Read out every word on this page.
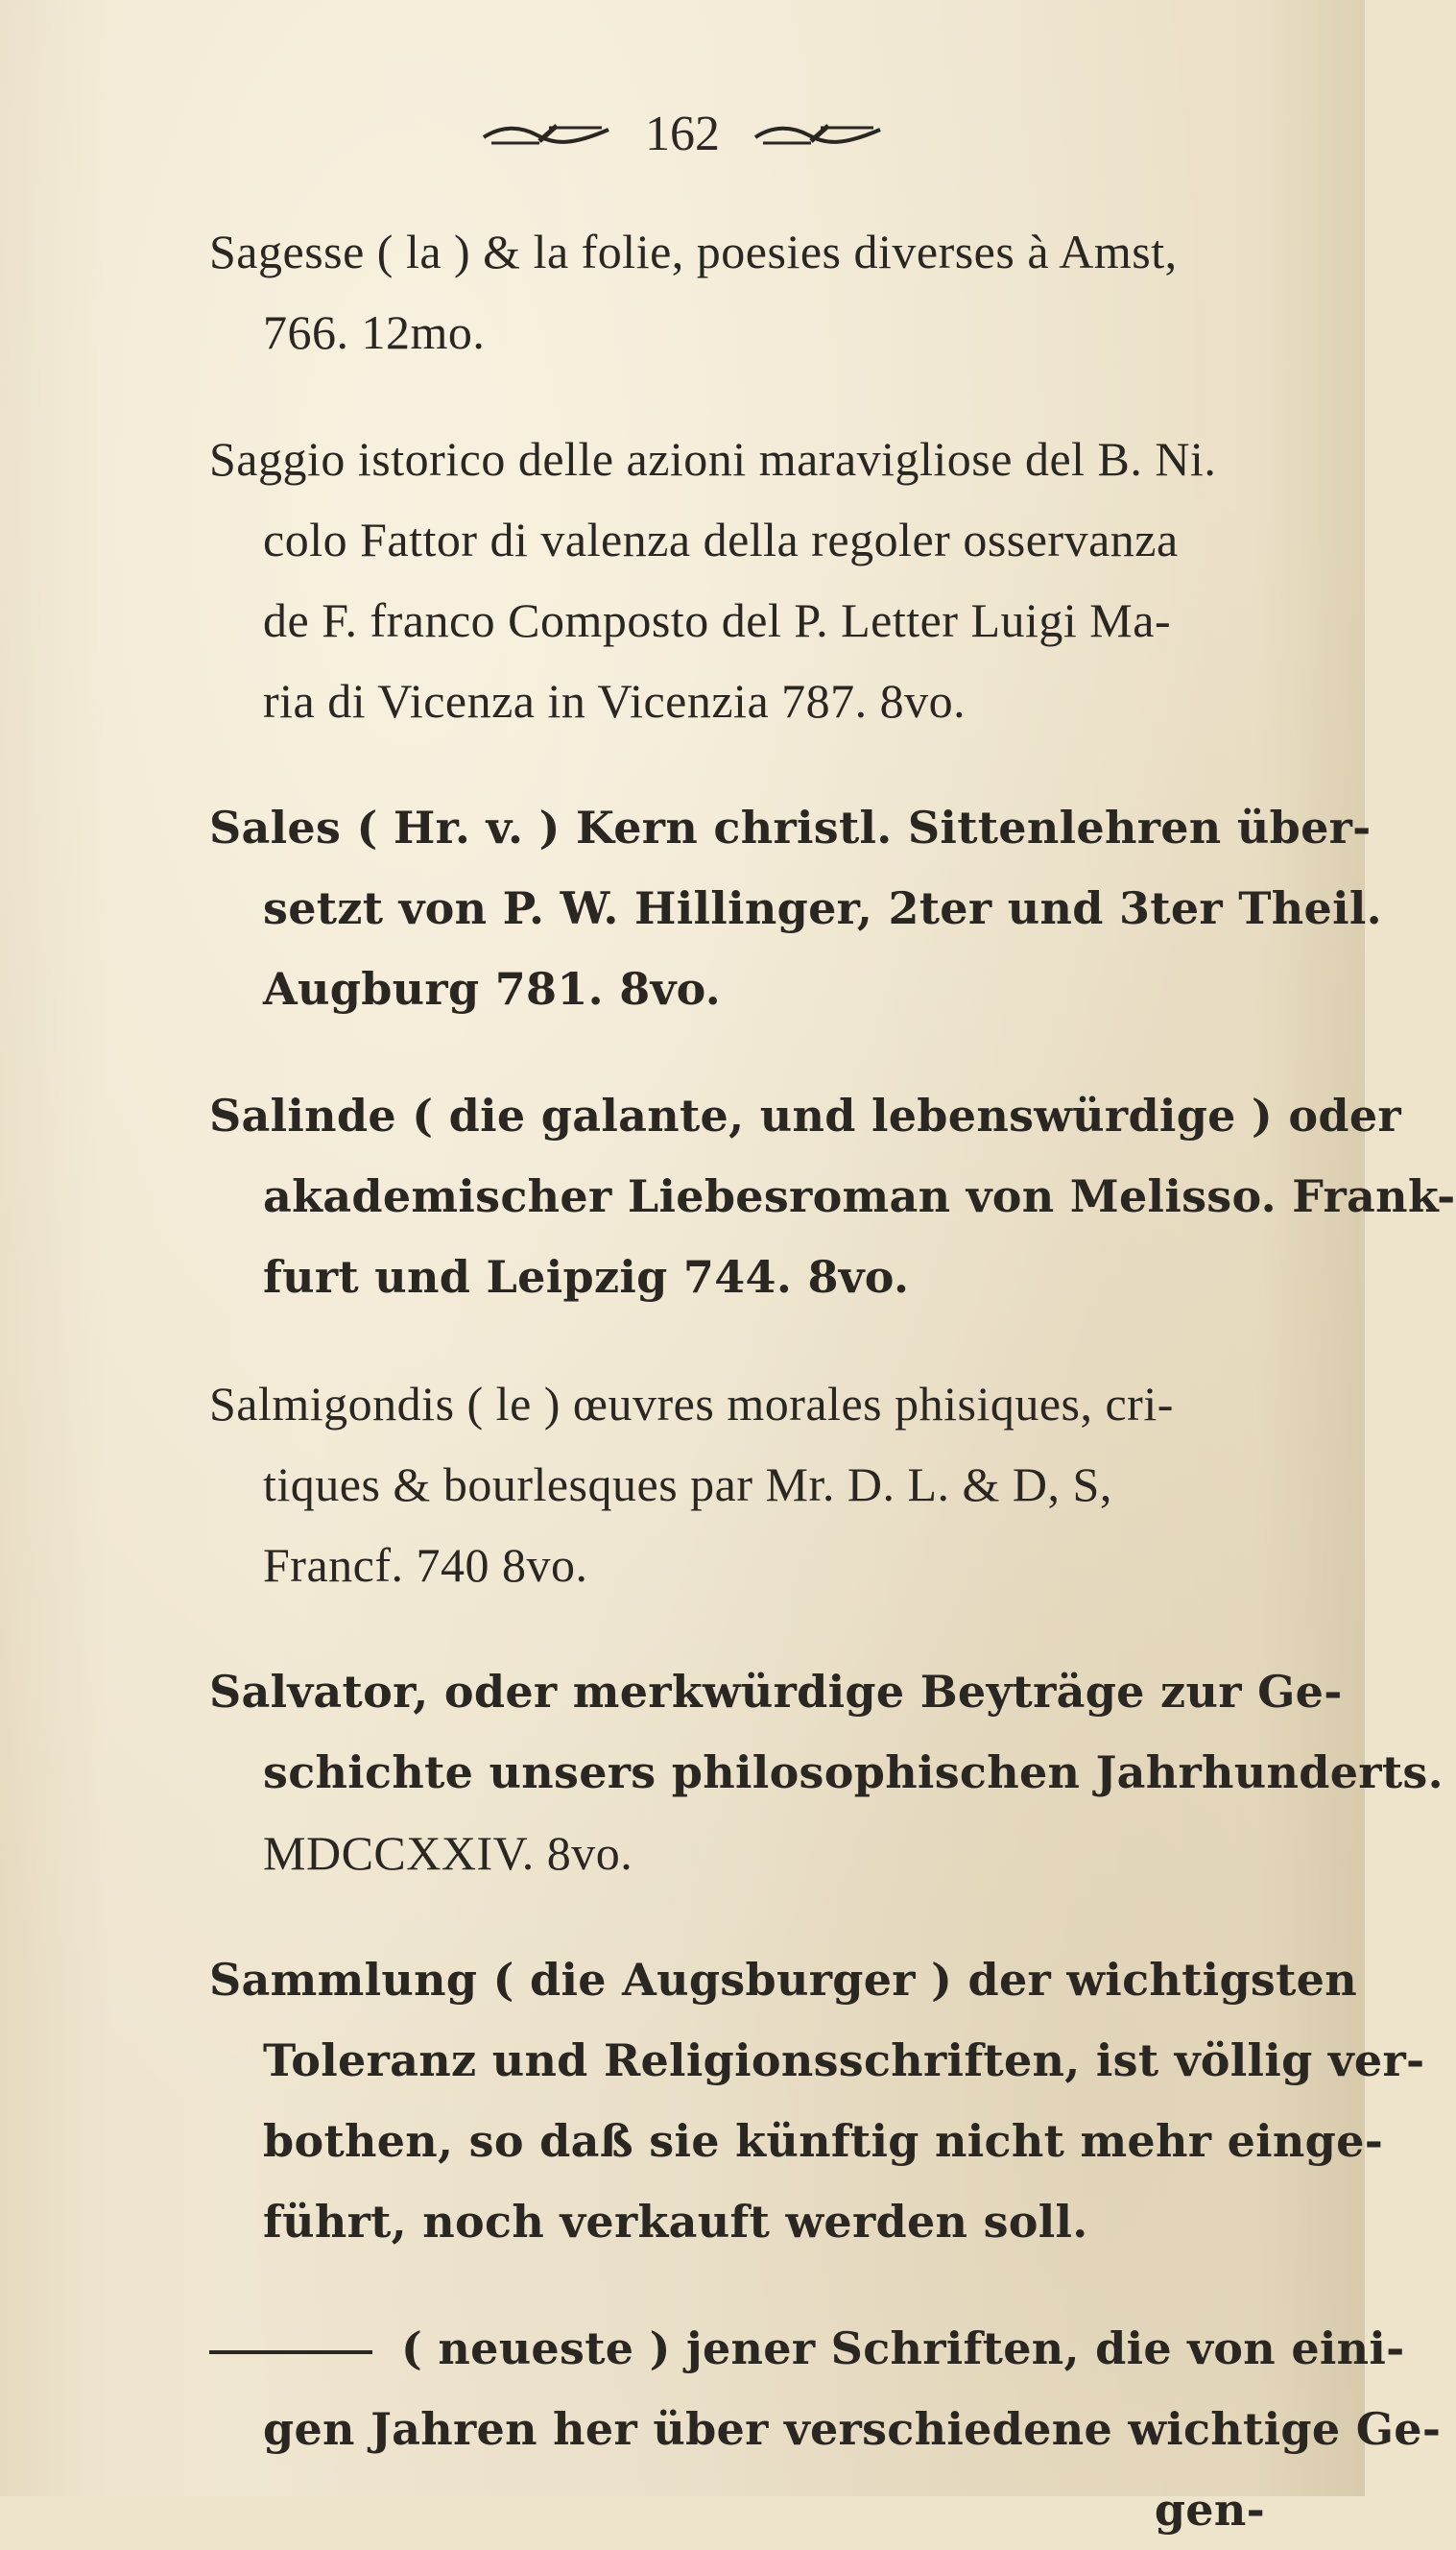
162
Sagesse ( la ) & la folie, poesies diverses à Amst,
766. 12mo.
Saggio istorico delle azioni maravigliose del B. Ni.
colo Fattor di valenza della regoler osservanza
de F. franco Composto del P. Letter Luigi Ma-
ria di Vicenza in Vicenzia 787. 8vo.
Sales ( Hr. v. ) Kern christl. Sittenlehren über-
setzt von P. W. Hillinger, 2ter und 3ter Theil.
Augburg 781. 8vo.
Salinde ( die galante, und lebenswürdige ) oder
akademischer Liebesroman von Melisso. Frank-
furt und Leipzig 744. 8vo.
Salmigondis ( le ) œuvres morales phisiques, cri-
tiques & bourlesques par Mr. D. L. & D, S,
Francf. 740 8vo.
Salvator, oder merkwürdige Beyträge zur Ge-
schichte unsers philosophischen Jahrhunderts.
MDCCXXIV. 8vo.
Sammlung ( die Augsburger ) der wichtigsten
Toleranz und Religionsschriften, ist völlig ver-
bothen, so daß sie künftig nicht mehr einge-
führt, noch verkauft werden soll.
( neueste ) jener Schriften, die von eini-
gen Jahren her über verschiedene wichtige Ge-
gen-
